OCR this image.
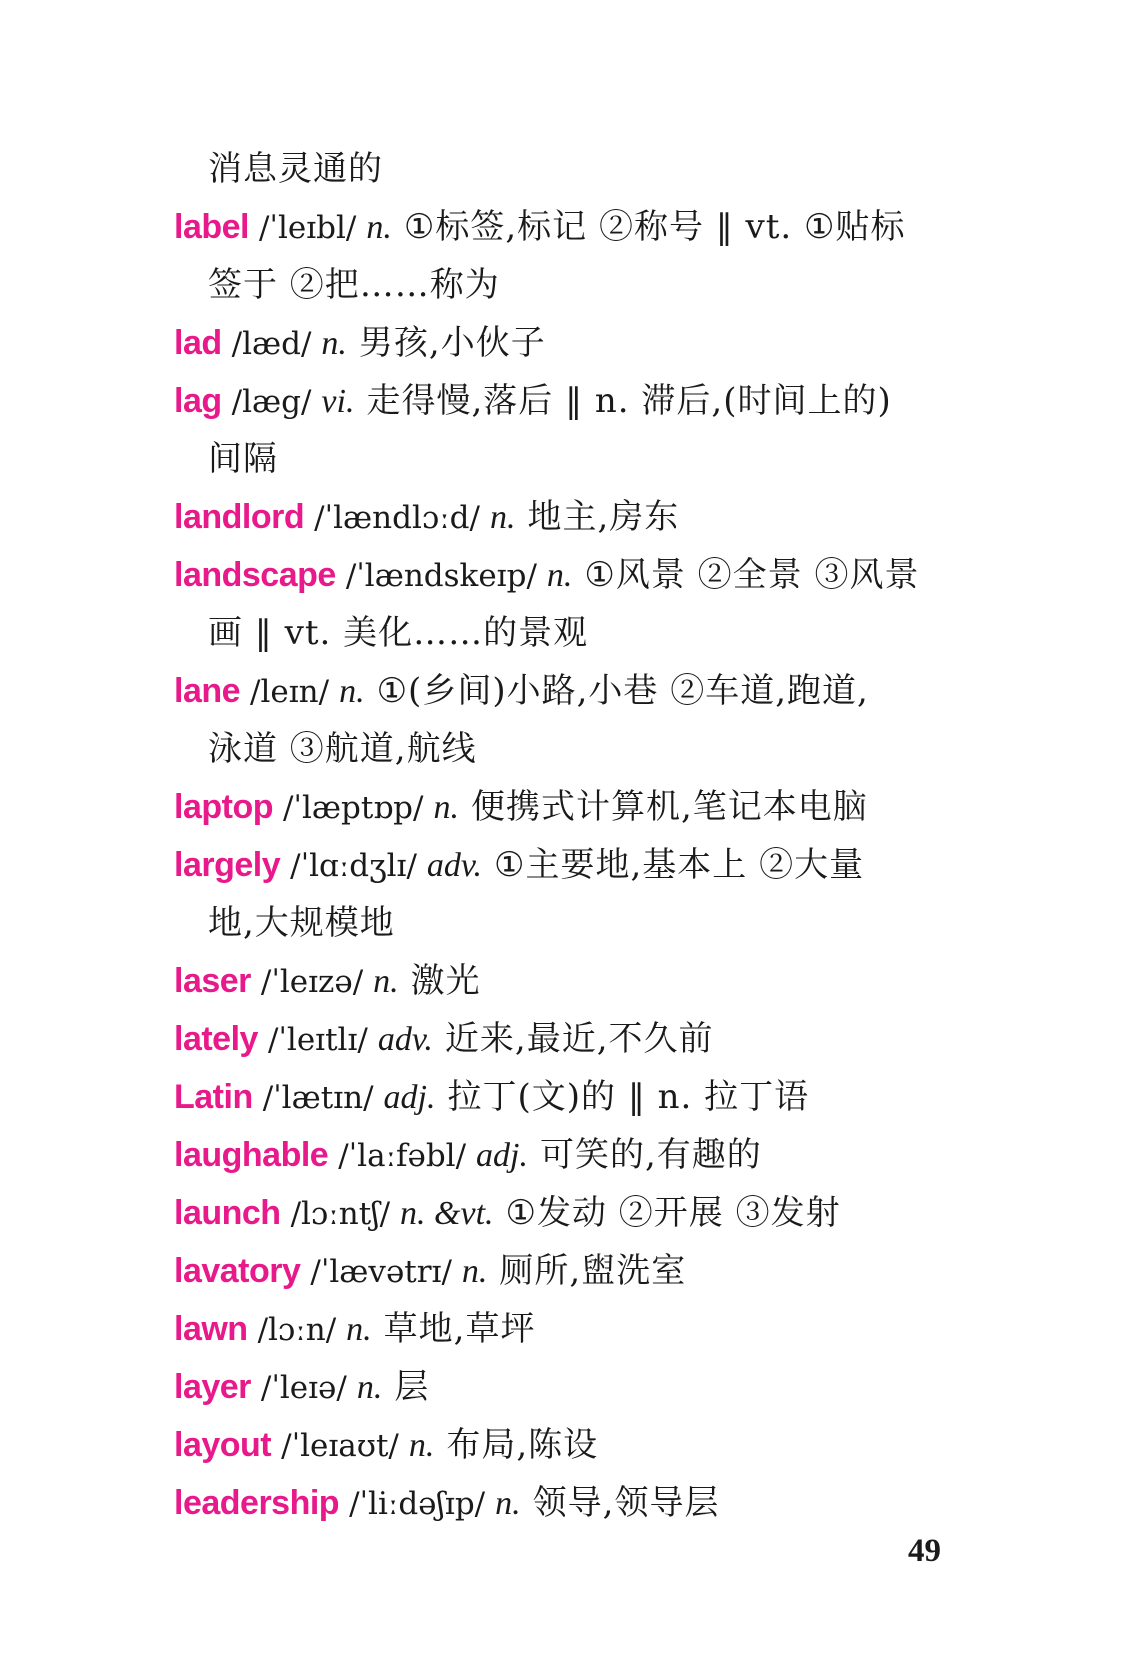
消息灵通的
label /ˈleɪbl/ n. ①标签,标记 ②称号 ‖ vt. ①贴标
签于 ②把……称为
lad /læd/ n. 男孩,小伙子
lag /læg/ vi. 走得慢,落后 ‖ n. 滞后,(时间上的)
间隔
landlord /ˈlændlɔːd/ n. 地主,房东
landscape /ˈlændskeɪp/ n. ①风景 ②全景 ③风景
画 ‖ vt. 美化……的景观
lane /leɪn/ n. ①(乡间)小路,小巷 ②车道,跑道,
泳道 ③航道,航线
laptop /ˈlæptɒp/ n. 便携式计算机,笔记本电脑
largely /ˈlɑːdʒlɪ/ adv. ①主要地,基本上 ②大量
地,大规模地
laser /ˈleɪzə/ n. 激光
lately /ˈleɪtlɪ/ adv. 近来,最近,不久前
Latin /ˈlætɪn/ adj. 拉丁(文)的 ‖ n. 拉丁语
laughable /ˈlaːfəbl/ adj. 可笑的,有趣的
launch /lɔːntʃ/ n. &vt. ①发动 ②开展 ③发射
lavatory /ˈlævətrɪ/ n. 厕所,盥洗室
lawn /lɔːn/ n. 草地,草坪
layer /ˈleɪə/ n. 层
layout /ˈleɪaʊt/ n. 布局,陈设
leadership /ˈliːdəʃɪp/ n. 领导,领导层
49
